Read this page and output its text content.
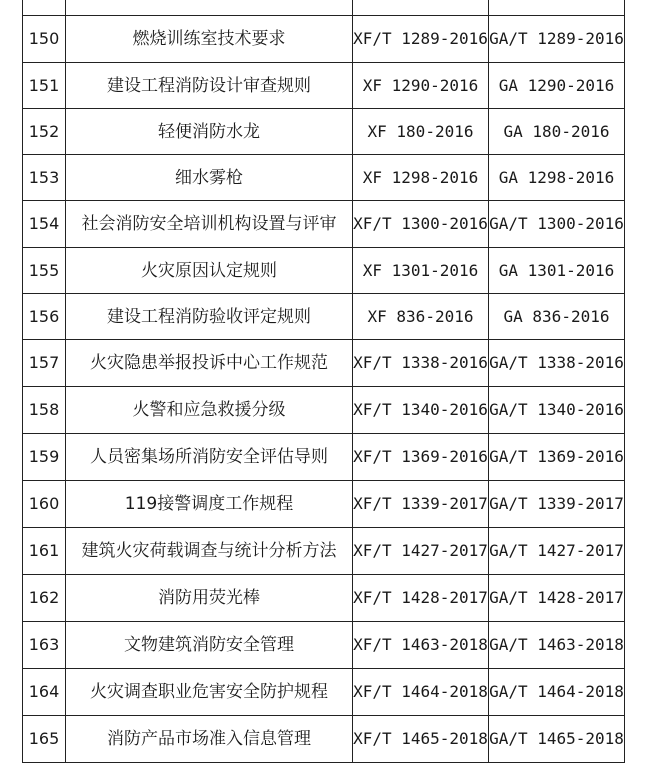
150	燃烧训练室技术要求	XF/T 1289-2016	GA/T 1289-2016
151	建设工程消防设计审查规则	XF 1290-2016	GA 1290-2016
152	轻便消防水龙	XF 180-2016	GA 180-2016
153	细水雾枪	XF 1298-2016	GA 1298-2016
154	社会消防安全培训机构设置与评审	XF/T 1300-2016	GA/T 1300-2016
155	火灾原因认定规则	XF 1301-2016	GA 1301-2016
156	建设工程消防验收评定规则	XF 836-2016	GA 836-2016
157	火灾隐患举报投诉中心工作规范	XF/T 1338-2016	GA/T 1338-2016
158	火警和应急救援分级	XF/T 1340-2016	GA/T 1340-2016
159	人员密集场所消防安全评估导则	XF/T 1369-2016	GA/T 1369-2016
160	119接警调度工作规程	XF/T 1339-2017	GA/T 1339-2017
161	建筑火灾荷载调查与统计分析方法	XF/T 1427-2017	GA/T 1427-2017
162	消防用荧光棒	XF/T 1428-2017	GA/T 1428-2017
163	文物建筑消防安全管理	XF/T 1463-2018	GA/T 1463-2018
164	火灾调查职业危害安全防护规程	XF/T 1464-2018	GA/T 1464-2018
165	消防产品市场准入信息管理	XF/T 1465-2018	GA/T 1465-2018
